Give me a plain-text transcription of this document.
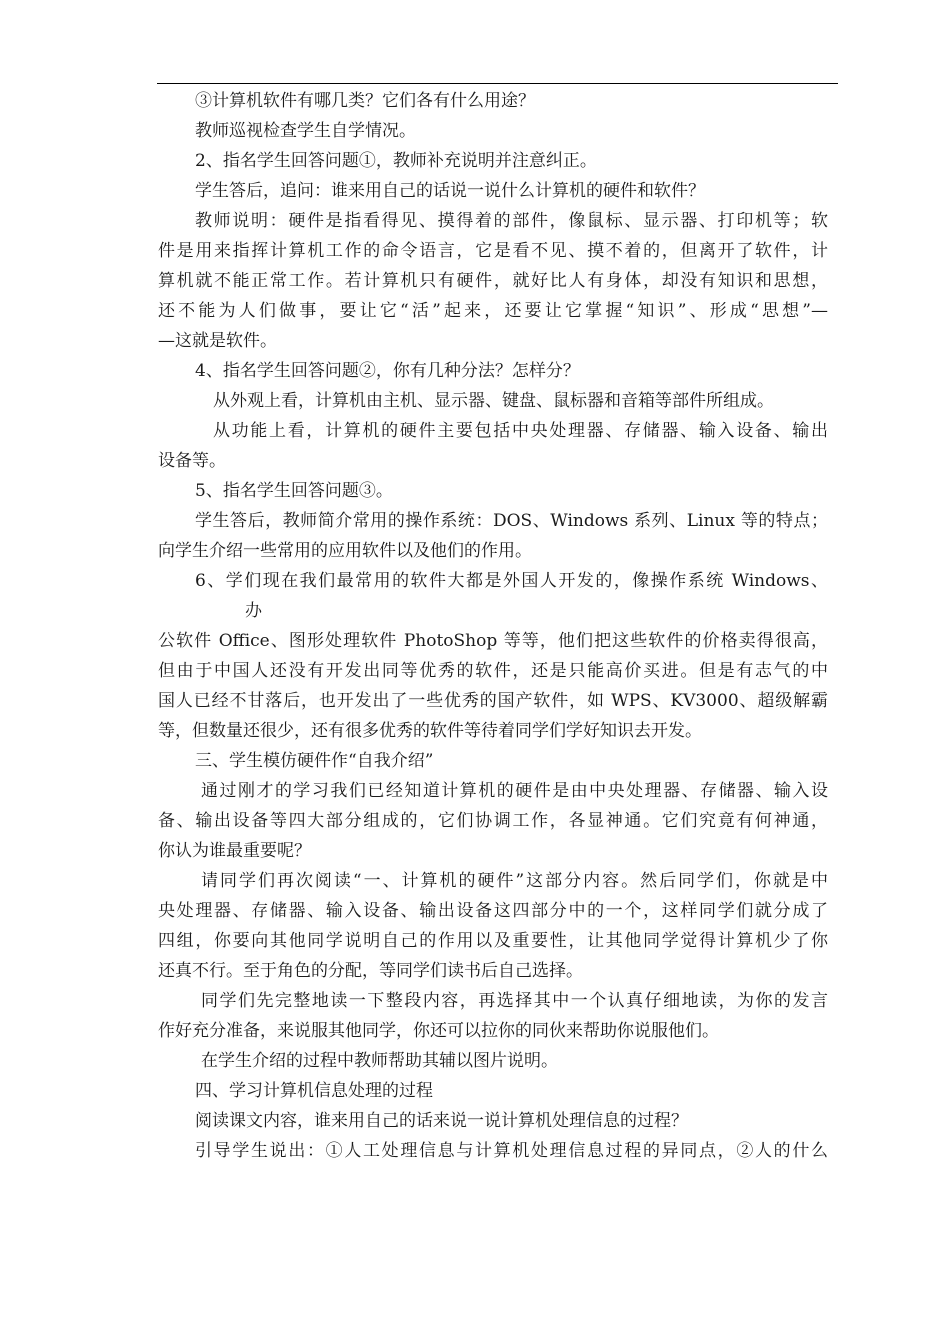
③计算机软件有哪几类？它们各有什么用途？

教师巡视检查学生自学情况。

2、指名学生回答问题①，教师补充说明并注意纠正。

学生答后，追问：谁来用自己的话说一说什么计算机的硬件和软件？

教师说明：硬件是指看得见、摸得着的部件，像鼠标、显示器、打印机等；软

件是用来指挥计算机工作的命令语言，它是看不见、摸不着的，但离开了软件，计

算机就不能正常工作。若计算机只有硬件，就好比人有身体，却没有知识和思想，

还不能为人们做事，要让它“活”起来，还要让它掌握“知识”、形成“思想”—

—这就是软件。

4、指名学生回答问题②，你有几种分法？怎样分？

从外观上看，计算机由主机、显示器、键盘、鼠标器和音箱等部件所组成。

从功能上看，计算机的硬件主要包括中央处理器、存储器、输入设备、输出

设备等。

5、指名学生回答问题③。

学生答后，教师简介常用的操作系统：DOS、Windows 系列、Linux 等的特点；

向学生介绍一些常用的应用软件以及他们的作用。

6、学们现在我们最常用的软件大都是外国人开发的，像操作系统 Windows、

办

公软件 Office、图形处理软件 PhotoShop 等等，他们把这些软件的价格卖得很高，

但由于中国人还没有开发出同等优秀的软件，还是只能高价买进。但是有志气的中

国人已经不甘落后，也开发出了一些优秀的国产软件，如 WPS、KV3000、超级解霸

等，但数量还很少，还有很多优秀的软件等待着同学们学好知识去开发。

三、学生模仿硬件作“自我介绍”

通过刚才的学习我们已经知道计算机的硬件是由中央处理器、存储器、输入设

备、输出设备等四大部分组成的，它们协调工作，各显神通。它们究竟有何神通，

你认为谁最重要呢？

请同学们再次阅读“一、计算机的硬件”这部分内容。然后同学们，你就是中

央处理器、存储器、输入设备、输出设备这四部分中的一个，这样同学们就分成了

四组，你要向其他同学说明自己的作用以及重要性，让其他同学觉得计算机少了你

还真不行。至于角色的分配，等同学们读书后自己选择。

同学们先完整地读一下整段内容，再选择其中一个认真仔细地读，为你的发言

作好充分准备，来说服其他同学，你还可以拉你的同伙来帮助你说服他们。

在学生介绍的过程中教师帮助其辅以图片说明。

四、学习计算机信息处理的过程

阅读课文内容，谁来用自己的话来说一说计算机处理信息的过程？

引导学生说出：①人工处理信息与计算机处理信息过程的异同点，②人的什么
